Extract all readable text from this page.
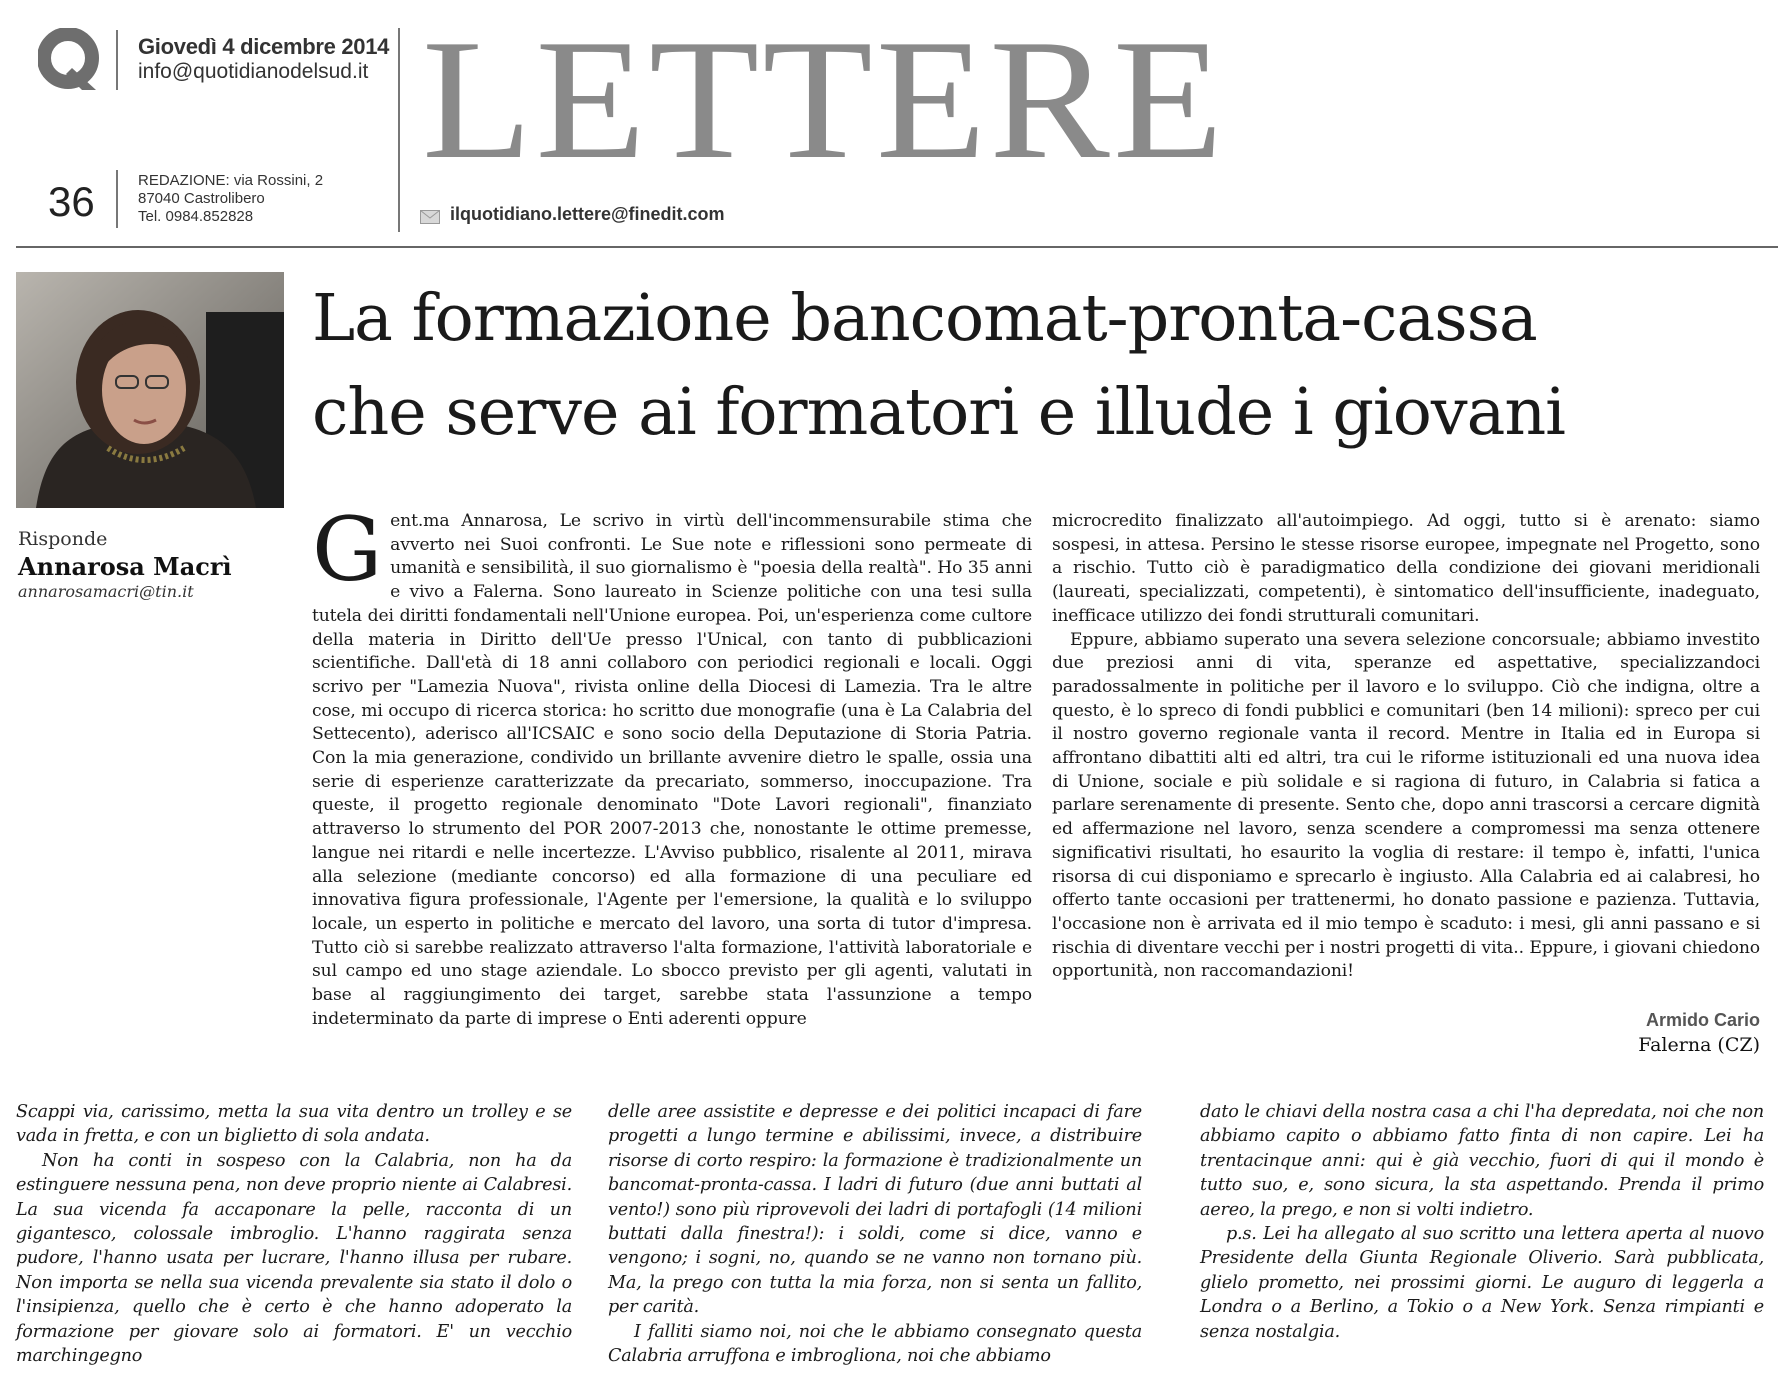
Giovedì 4 dicembre 2014
info@quotidianodelsud.it
36	REDAZIONE: via Rossini, 2
87040 Castrolibero
Tel. 0984.852828
LETTERE
ilquotidiano.lettere@finedit.com
Risponde
Annarosa Macrì
annarosamacri@tin.it
La formazione bancomat-pronta-cassa
che serve ai formatori e illude i giovani

Gent.ma Annarosa, Le scrivo in virtù dell'incommensurabile stima che avverto nei Suoi confronti. Le Sue note e riflessioni sono permeate di umanità e sensibilità, il suo giornalismo è "poesia della realtà". Ho 35 anni e vivo a Falerna. Sono laureato in Scienze politiche con una tesi sulla tutela dei diritti fondamentali nell'Unione europea. Poi, un'esperienza come cultore della materia in Diritto dell'Ue presso l'Unical, con tanto di pubblicazioni scientifiche. Dall'età di 18 anni collaboro con periodici regionali e locali. Oggi scrivo per "Lamezia Nuova", rivista online della Diocesi di Lamezia. Tra le altre cose, mi occupo di ricerca storica: ho scritto due monografie (una è La Calabria del Settecento), aderisco all'ICSAIC e sono socio della Deputazione di Storia Patria. Con la mia generazione, condivido un brillante avvenire dietro le spalle, ossia una serie di esperienze caratterizzate da precariato, sommerso, inoccupazione. Tra queste, il progetto regionale denominato "Dote Lavori regionali", finanziato attraverso lo strumento del POR 2007-2013 che, nonostante le ottime premesse, langue nei ritardi e nelle incertezze. L'Avviso pubblico, risalente al 2011, mirava alla selezione (mediante concorso) ed alla formazione di una peculiare ed innovativa figura professionale, l'Agente per l'emersione, la qualità e lo sviluppo locale, un esperto in politiche e mercato del lavoro, una sorta di tutor d'impresa. Tutto ciò si sarebbe realizzato attraverso l'alta formazione, l'attività laboratoriale e sul campo ed uno stage aziendale. Lo sbocco previsto per gli agenti, valutati in base al raggiungimento dei target, sarebbe stata l'assunzione a tempo indeterminato da parte di imprese o Enti aderenti oppure

microcredito finalizzato all'autoimpiego. Ad oggi, tutto si è arenato: siamo sospesi, in attesa. Persino le stesse risorse europee, impegnate nel Progetto, sono a rischio. Tutto ciò è paradigmatico della condizione dei giovani meridionali (laureati, specializzati, competenti), è sintomatico dell'insufficiente, inadeguato, inefficace utilizzo dei fondi strutturali comunitari.

Eppure, abbiamo superato una severa selezione concorsuale; abbiamo investito due preziosi anni di vita, speranze ed aspettative, specializzandoci paradossalmente in politiche per il lavoro e lo sviluppo. Ciò che indigna, oltre a questo, è lo spreco di fondi pubblici e comunitari (ben 14 milioni): spreco per cui il nostro governo regionale vanta il record. Mentre in Italia ed in Europa si affrontano dibattiti alti ed altri, tra cui le riforme istituzionali ed una nuova idea di Unione, sociale e più solidale e si ragiona di futuro, in Calabria si fatica a parlare serenamente di presente. Sento che, dopo anni trascorsi a cercare dignità ed affermazione nel lavoro, senza scendere a compromessi ma senza ottenere significativi risultati, ho esaurito la voglia di restare: il tempo è, infatti, l'unica risorsa di cui disponiamo e sprecarlo è ingiusto. Alla Calabria ed ai calabresi, ho offerto tante occasioni per trattenermi, ho donato passione e pazienza. Tuttavia, l'occasione non è arrivata ed il mio tempo è scaduto: i mesi, gli anni passano e si rischia di diventare vecchi per i nostri progetti di vita.. Eppure, i giovani chiedono opportunità, non raccomandazioni!

Armido Cario
Falerna (CZ)

Scappi via, carissimo, metta la sua vita dentro un trolley e se vada in fretta, e con un biglietto di sola andata.

Non ha conti in sospeso con la Calabria, non ha da estinguere nessuna pena, non deve proprio niente ai Calabresi. La sua vicenda fa accaponare la pelle, racconta di un gigantesco, colossale imbroglio. L'hanno raggirata senza pudore, l'hanno usata per lucrare, l'hanno illusa per rubare. Non importa se nella sua vicenda prevalente sia stato il dolo o l'insipienza, quello che è certo è che hanno adoperato la formazione per giovare solo ai formatori. E' un vecchio marchingegno

delle aree assistite e depresse e dei politici incapaci di fare progetti a lungo termine e abilissimi, invece, a distribuire risorse di corto respiro: la formazione è tradizionalmente un bancomat-pronta-cassa. I ladri di futuro (due anni buttati al vento!) sono più riprovevoli dei ladri di portafogli (14 milioni buttati dalla finestra!): i soldi, come si dice, vanno e vengono; i sogni, no, quando se ne vanno non tornano più. Ma, la prego con tutta la mia forza, non si senta un fallito, per carità.

I falliti siamo noi, noi che le abbiamo consegnato questa Calabria arruffona e imbrogliona, noi che abbiamo

dato le chiavi della nostra casa a chi l'ha depredata, noi che non abbiamo capito o abbiamo fatto finta di non capire. Lei ha trentacinque anni: qui è già vecchio, fuori di qui il mondo è tutto suo, e, sono sicura, la sta aspettando. Prenda il primo aereo, la prego, e non si volti indietro.

p.s. Lei ha allegato al suo scritto una lettera aperta al nuovo Presidente della Giunta Regionale Oliverio. Sarà pubblicata, glielo prometto, nei prossimi giorni. Le auguro di leggerla a Londra o a Berlino, a Tokio o a New York. Senza rimpianti e senza nostalgia.
